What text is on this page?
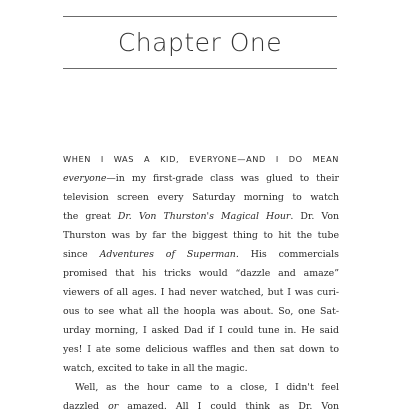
Chapter One
WHEN I WAS A KID, EVERYONE—AND I DO MEAN
everyone—in my first-grade class was glued to their
television screen every Saturday morning to watch
the great Dr. Von Thurston's Magical Hour. Dr. Von
Thurston was by far the biggest thing to hit the tube
since Adventures of Superman. His commercials
promised that his tricks would “dazzle and amaze”
viewers of all ages. I had never watched, but I was curi-
ous to see what all the hoopla was about. So, one Sat-
urday morning, I asked Dad if I could tune in. He said
yes! I ate some delicious waffles and then sat down to
watch, excited to take in all the magic.
Well, as the hour came to a close, I didn't feel
dazzled or amazed. All I could think as Dr. Von
